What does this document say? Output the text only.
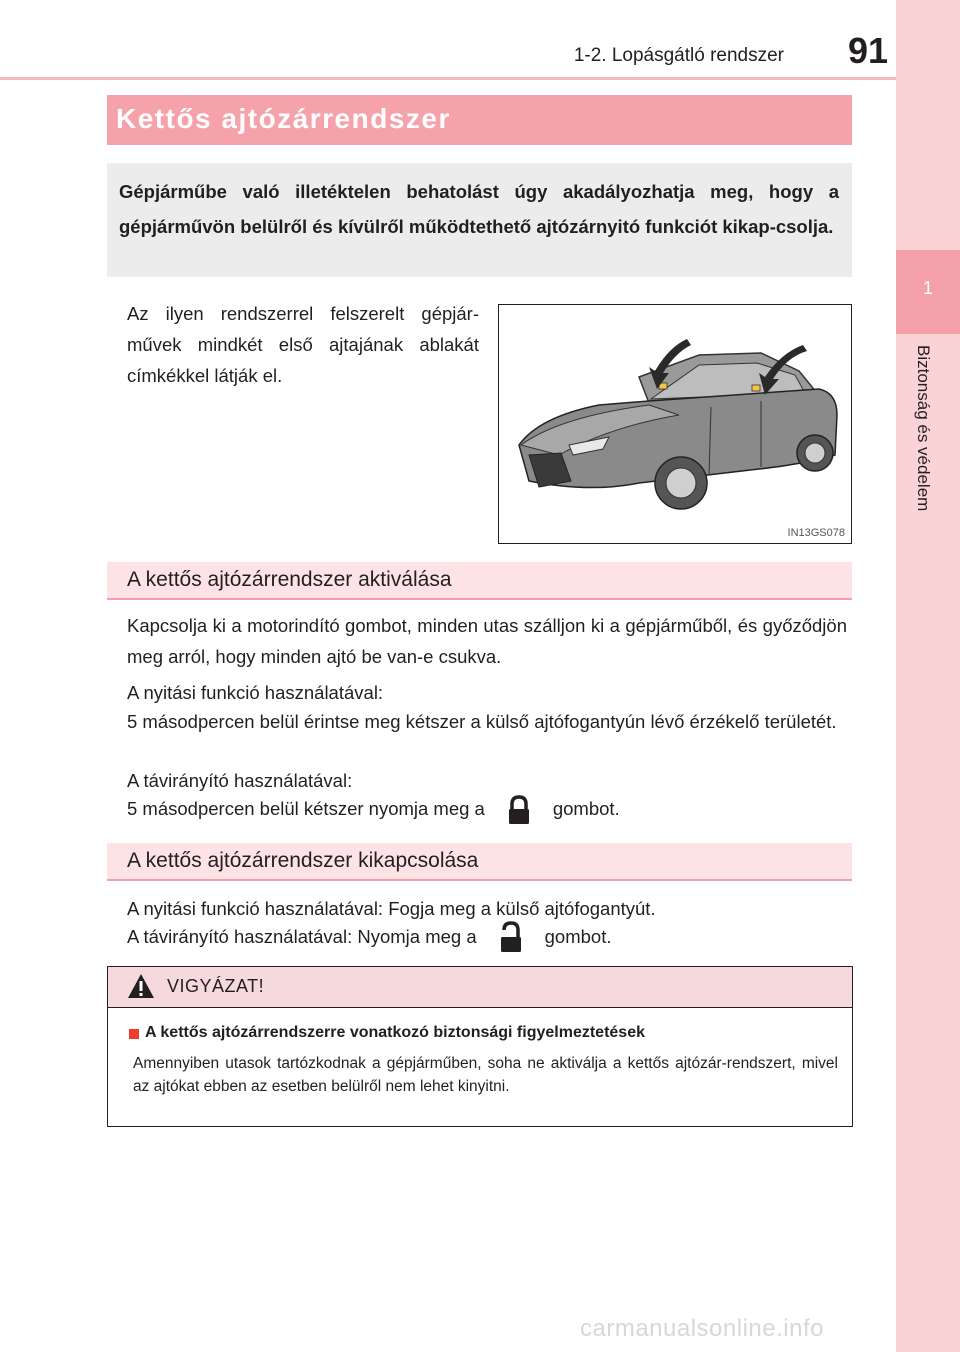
1-2. Lopásgátló rendszer	91
1
Biztonság és védelem
Kettős ajtózárrendszer
Gépjárműbe való illetéktelen behatolást úgy akadályozhatja meg, hogy a gépjárművön belülről és kívülről működtethető ajtózárnyitó funkciót kikap-csolja.
Az ilyen rendszerrel felszerelt gépjár-művek mindkét első ajtajának ablakát címkékkel látják el.
IN13GS078
A kettős ajtózárrendszer aktiválása
Kapcsolja ki a motorindító gombot, minden utas szálljon ki a gépjárműből, és győződjön meg arról, hogy minden ajtó be van-e csukva.
A nyitási funkció használatával:
5 másodpercen belül érintse meg kétszer a külső ajtófogantyún lévő érzékelő területét.
A távirányító használatával:
5 másodpercen belül kétszer nyomja meg a	gombot.
A kettős ajtózárrendszer kikapcsolása
A nyitási funkció használatával: Fogja meg a külső ajtófogantyút.
A távirányító használatával: Nyomja meg a	gombot.
VIGYÁZAT!
A kettős ajtózárrendszerre vonatkozó biztonsági figyelmeztetések
Amennyiben utasok tartózkodnak a gépjárműben, soha ne aktiválja a kettős ajtózár-rendszert, mivel az ajtókat ebben az esetben belülről nem lehet kinyitni.
carmanualsonline.info
